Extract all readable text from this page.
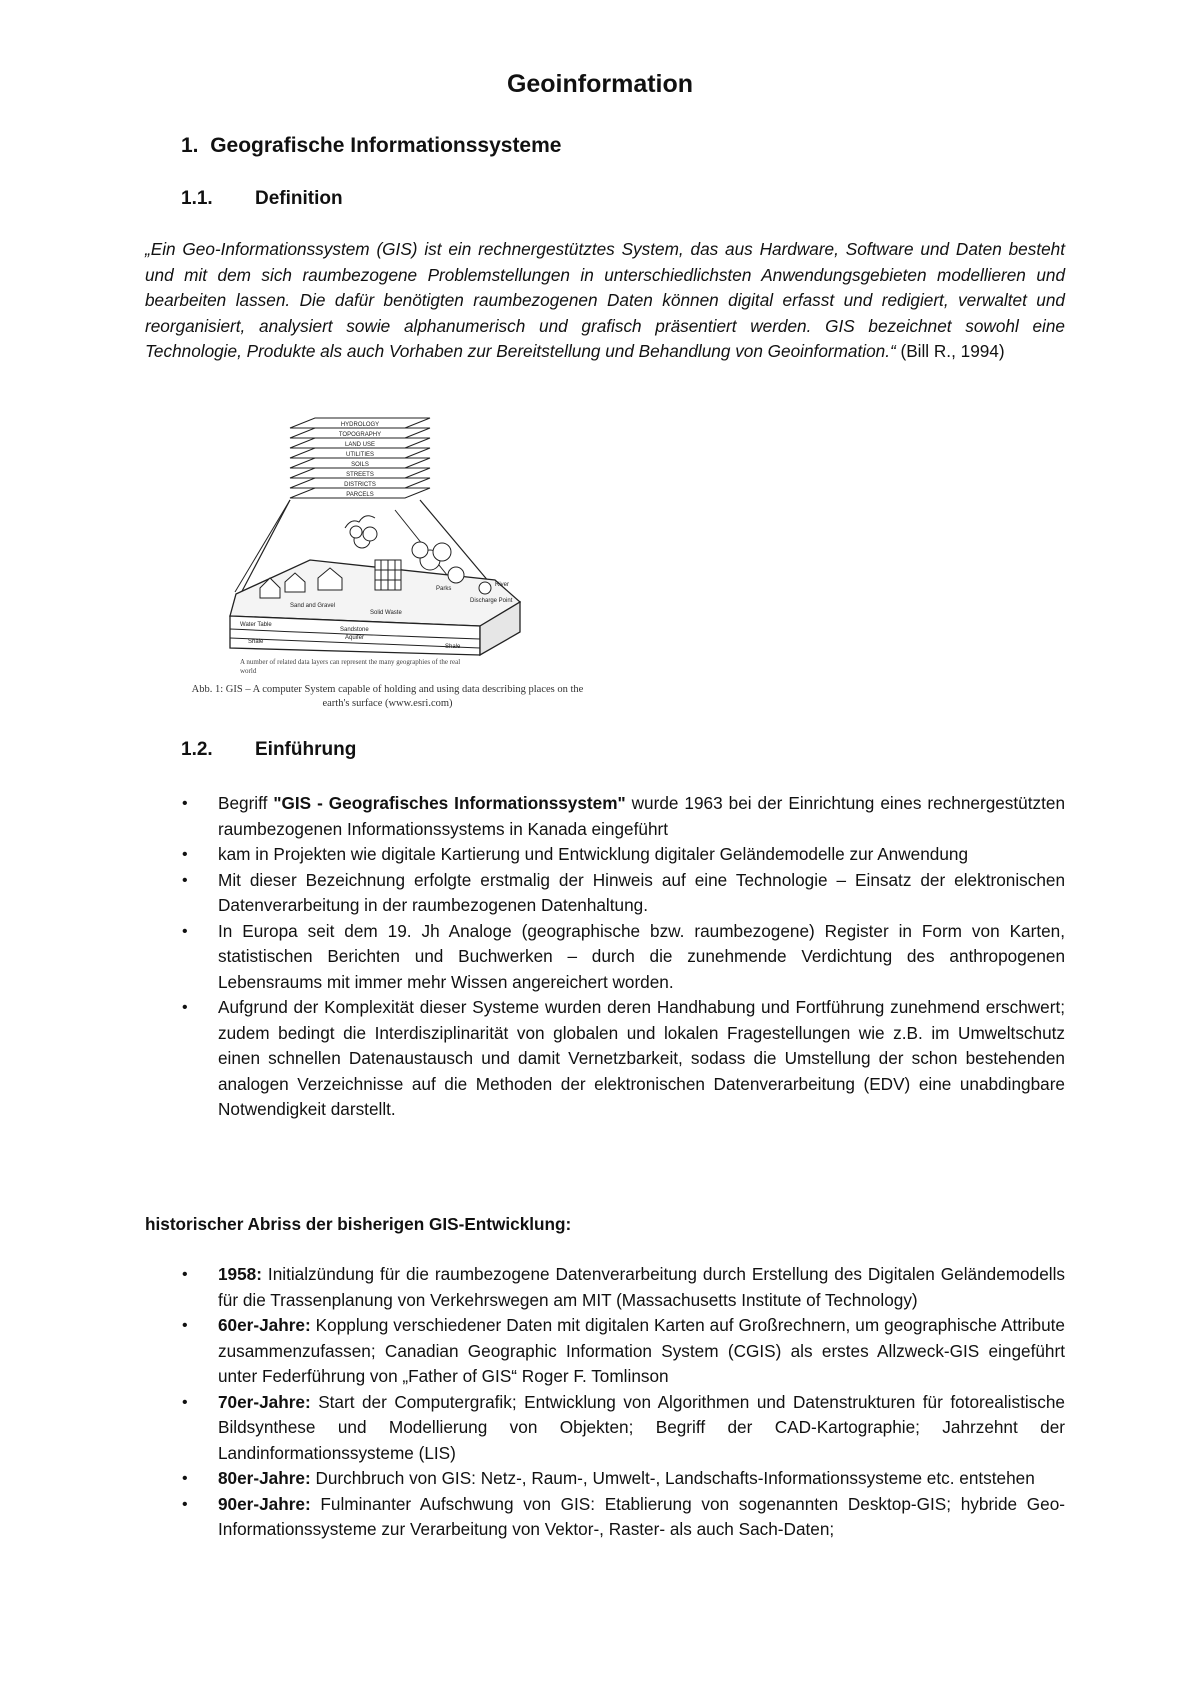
Geoinformation
1. Geografische Informationssysteme
1.1. Definition

„Ein Geo-Informationssystem (GIS) ist ein rechnergestütztes System, das aus Hardware, Software und Daten besteht und mit dem sich raumbezogene Problemstellungen in unterschiedlichsten Anwendungsgebieten modellieren und bearbeiten lassen. Die dafür benötigten raumbezogenen Daten können digital erfasst und redigiert, verwaltet und reorganisiert, analysiert sowie alphanumerisch und grafisch präsentiert werden. GIS bezeichnet sowohl eine Technologie, Produkte als auch Vorhaben zur Bereitstellung und Behandlung von Geoinformation.“ (Bill R., 1994)

HYDROLOGY
TOPOGRAPHY
LAND USE
UTILITIES
SOILS
STREETS
DISTRICTS
PARCELS
Sand and Gravel
Solid Waste
Parks
River
Discharge Point
Water Table
Sandstone
Aquifer
Shale
Shale
A number of related data layers can represent the many geographies of the real
world

Abb. 1: GIS – A computer System capable of holding and using data describing places on the
earth's surface (www.esri.com)

1.2. Einführung
• Begriff "GIS - Geografisches Informationssystem" wurde 1963 bei der Einrichtung eines rechnergestützten raumbezogenen Informationssystems in Kanada eingeführt
• kam in Projekten wie digitale Kartierung und Entwicklung digitaler Geländemodelle zur Anwendung
• Mit dieser Bezeichnung erfolgte erstmalig der Hinweis auf eine Technologie – Einsatz der elektronischen Datenverarbeitung in der raumbezogenen Datenhaltung.
• In Europa seit dem 19. Jh Analoge (geographische bzw. raumbezogene) Register in Form von Karten, statistischen Berichten und Buchwerken – durch die zunehmende Verdichtung des anthropogenen Lebensraums mit immer mehr Wissen angereichert worden.
• Aufgrund der Komplexität dieser Systeme wurden deren Handhabung und Fortführung zunehmend erschwert; zudem bedingt die Interdisziplinarität von globalen und lokalen Fragestellungen wie z.B. im Umweltschutz einen schnellen Datenaustausch und damit Vernetzbarkeit, sodass die Umstellung der schon bestehenden analogen Verzeichnisse auf die Methoden der elektronischen Datenverarbeitung (EDV) eine unabdingbare Notwendigkeit darstellt.

historischer Abriss der bisherigen GIS-Entwicklung:

• 1958: Initialzündung für die raumbezogene Datenverarbeitung durch Erstellung des Digitalen Geländemodells für die Trassenplanung von Verkehrswegen am MIT (Massachusetts Institute of Technology)
• 60er-Jahre: Kopplung verschiedener Daten mit digitalen Karten auf Großrechnern, um geographische Attribute zusammenzufassen; Canadian Geographic Information System (CGIS) als erstes Allzweck-GIS eingeführt unter Federführung von „Father of GIS“ Roger F. Tomlinson
• 70er-Jahre: Start der Computergrafik; Entwicklung von Algorithmen und Datenstrukturen für fotorealistische Bildsynthese und Modellierung von Objekten; Begriff der CAD-Kartographie; Jahrzehnt der Landinformationssysteme (LIS)
• 80er-Jahre: Durchbruch von GIS: Netz-, Raum-, Umwelt-, Landschafts-Informationssysteme etc. entstehen
• 90er-Jahre: Fulminanter Aufschwung von GIS: Etablierung von sogenannten Desktop-GIS; hybride Geo-Informationssysteme zur Verarbeitung von Vektor-, Raster- als auch Sach-Daten;
